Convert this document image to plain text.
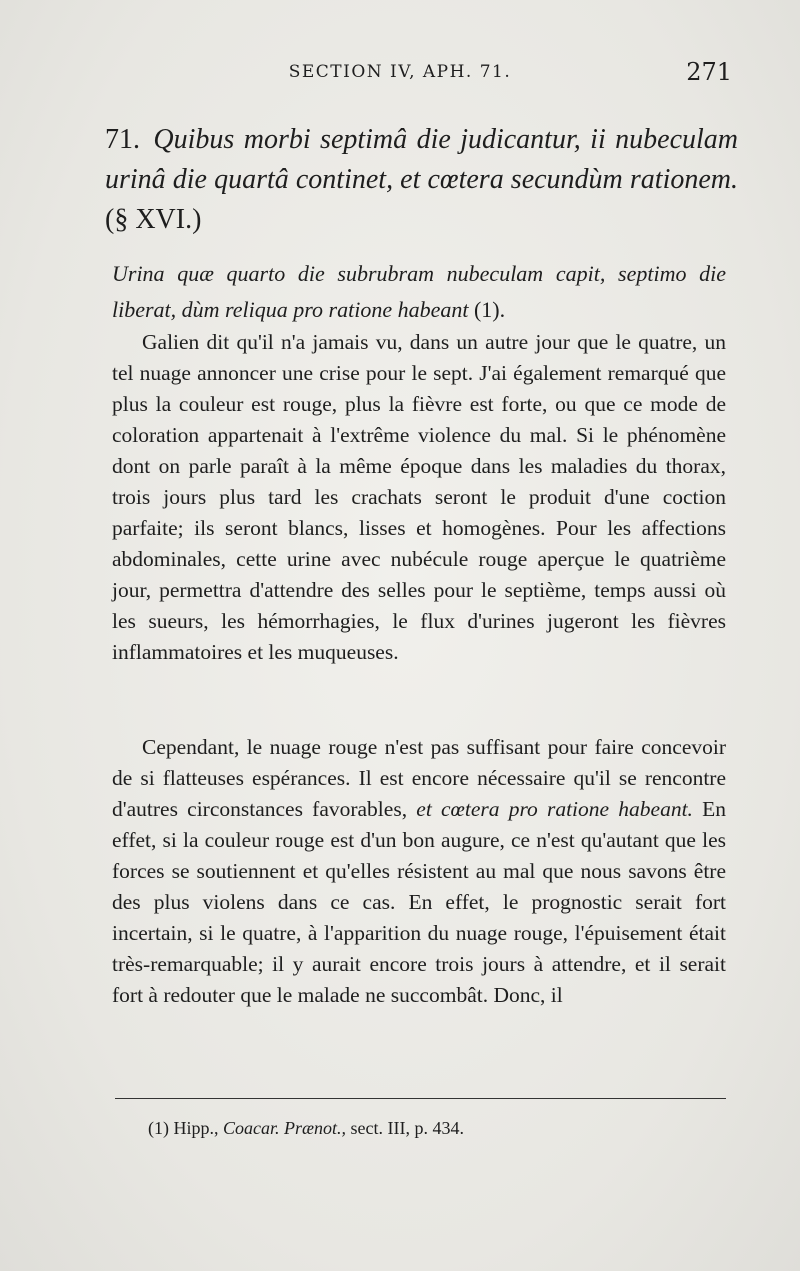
SECTION IV, APH. 71.	271
71. Quibus morbi septimâ die judicantur, ii nubeculam urinâ die quartâ continet, et cœtera secundùm rationem. (§ XVI.)
Urina quæ quarto die subrubram nubeculam capit, septimo die liberat, dùm reliqua pro ratione habeant (1).

Galien dit qu'il n'a jamais vu, dans un autre jour que le quatre, un tel nuage annoncer une crise pour le sept. J'ai également remarqué que plus la couleur est rouge, plus la fièvre est forte, ou que ce mode de coloration appartenait à l'extrême violence du mal. Si le phénomène dont on parle paraît à la même époque dans les maladies du thorax, trois jours plus tard les crachats seront le produit d'une coction parfaite; ils seront blancs, lisses et homogènes. Pour les affections abdominales, cette urine avec nubécule rouge aperçue le quatrième jour, permettra d'attendre des selles pour le septième, temps aussi où les sueurs, les hémorrhagies, le flux d'urines jugeront les fièvres inflammatoires et les muqueuses.

Cependant, le nuage rouge n'est pas suffisant pour faire concevoir de si flatteuses espérances. Il est encore nécessaire qu'il se rencontre d'autres circonstances favorables, et cœtera pro ratione habeant. En effet, si la couleur rouge est d'un bon augure, ce n'est qu'autant que les forces se soutiennent et qu'elles résistent au mal que nous savons être des plus violens dans ce cas. En effet, le prognostic serait fort incertain, si le quatre, à l'apparition du nuage rouge, l'épuisement était très-remarquable; il y aurait encore trois jours à attendre, et il serait fort à redouter que le malade ne succombât. Donc, il

(1) Hipp., Coacar. Prænot., sect. III, p. 434.
